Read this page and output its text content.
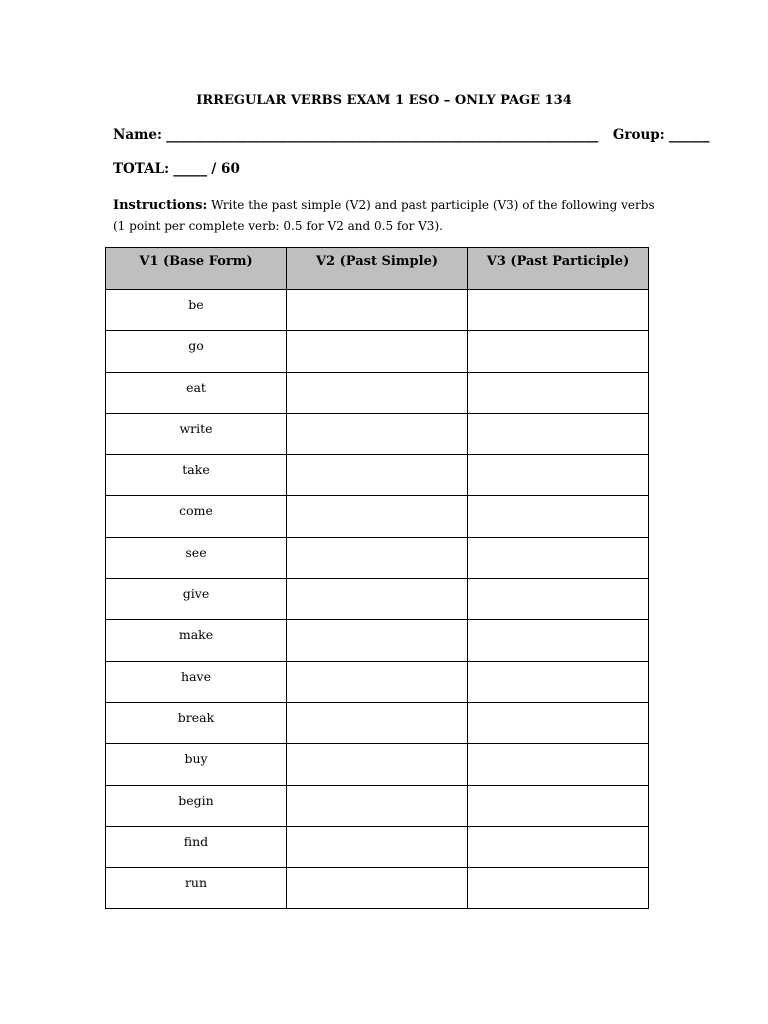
IRREGULAR VERBS EXAM 1 ESO – ONLY PAGE 134
Name: ________________________________________________________________ Group: ______
TOTAL: _____ / 60
Instructions: Write the past simple (V2) and past participle (V3) of the following verbs (1 point per complete verb: 0.5 for V2 and 0.5 for V3).
V1 (Base Form)	V2 (Past Simple)	V3 (Past Participle)
be		
go		
eat		
write		
take		
come		
see		
give		
make		
have		
break		
buy		
begin		
find		
run		
